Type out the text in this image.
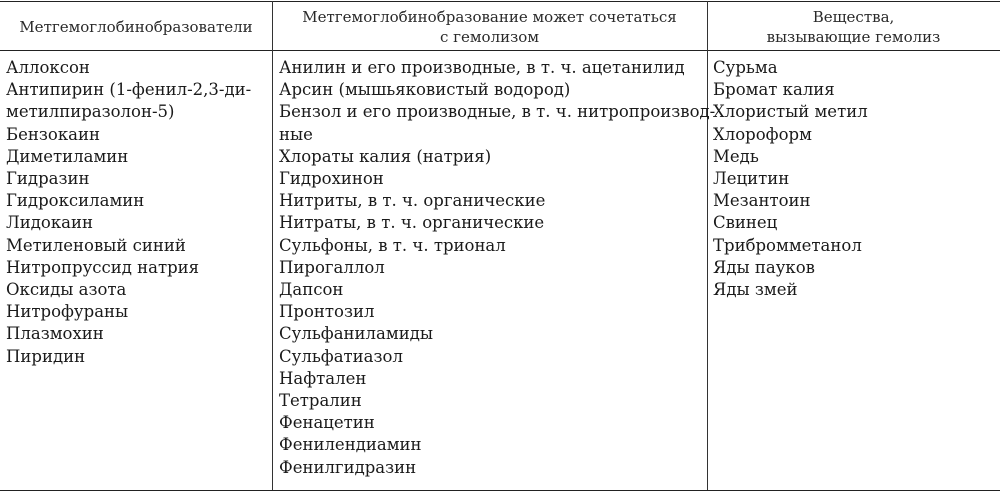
Метгемоглобинобразователи
Метгемоглобинобразование может сочетаться
с гемолизом
Вещества,
вызывающие гемолиз
Аллоксон
Антипирин (1-фенил-2,3-ди-
метилпиразолон-5)
Бензокаин
Диметиламин
Гидразин
Гидроксиламин
Лидокаин
Метиленовый синий
Нитропруссид натрия
Оксиды азота
Нитрофураны
Плазмохин
Пиридин
Анилин и его производные, в т. ч. ацетанилид
Арсин (мышьяковистый водород)
Бензол и его производные, в т. ч. нитропроизвод-
ные
Хлораты калия (натрия)
Гидрохинон
Нитриты, в т. ч. органические
Нитраты, в т. ч. органические
Сульфоны, в т. ч. трионал
Пирогаллол
Дапсон
Пронтозил
Сульфаниламиды
Сульфатиазол
Нафтален
Тетралин
Фенацетин
Фенилендиамин
Фенилгидразин
Сурьма
Бромат калия
Хлористый метил
Хлороформ
Медь
Лецитин
Мезантоин
Свинец
Трибромметанол
Яды пауков
Яды змей
